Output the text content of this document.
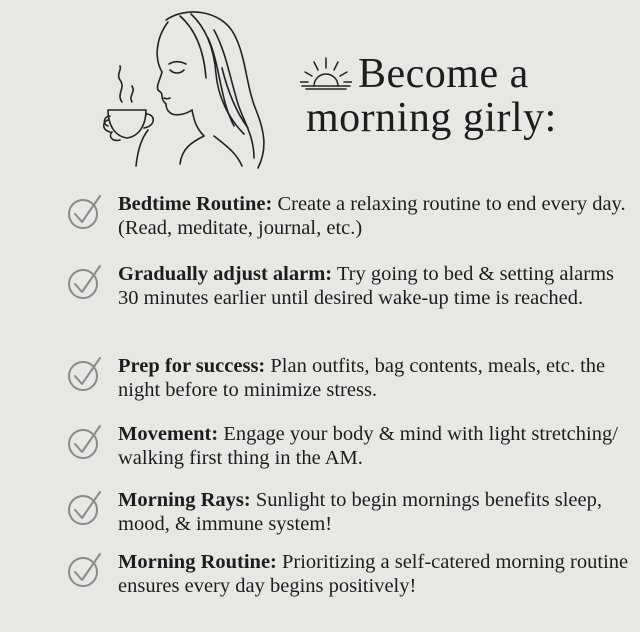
Become a
morning girly:
Bedtime Routine: Create a relaxing routine to end every day. (Read, meditate, journal, etc.)
Gradually adjust alarm: Try going to bed & setting alarms 30 minutes earlier until desired wake-up time is reached.
Prep for success: Plan outfits, bag contents, meals, etc. the night before to minimize stress.
Movement: Engage your body & mind with light stretching/ walking first thing in the AM.
Morning Rays: Sunlight to begin mornings benefits sleep, mood, & immune system!
Morning Routine: Prioritizing a self-catered morning routine ensures every day begins positively!
